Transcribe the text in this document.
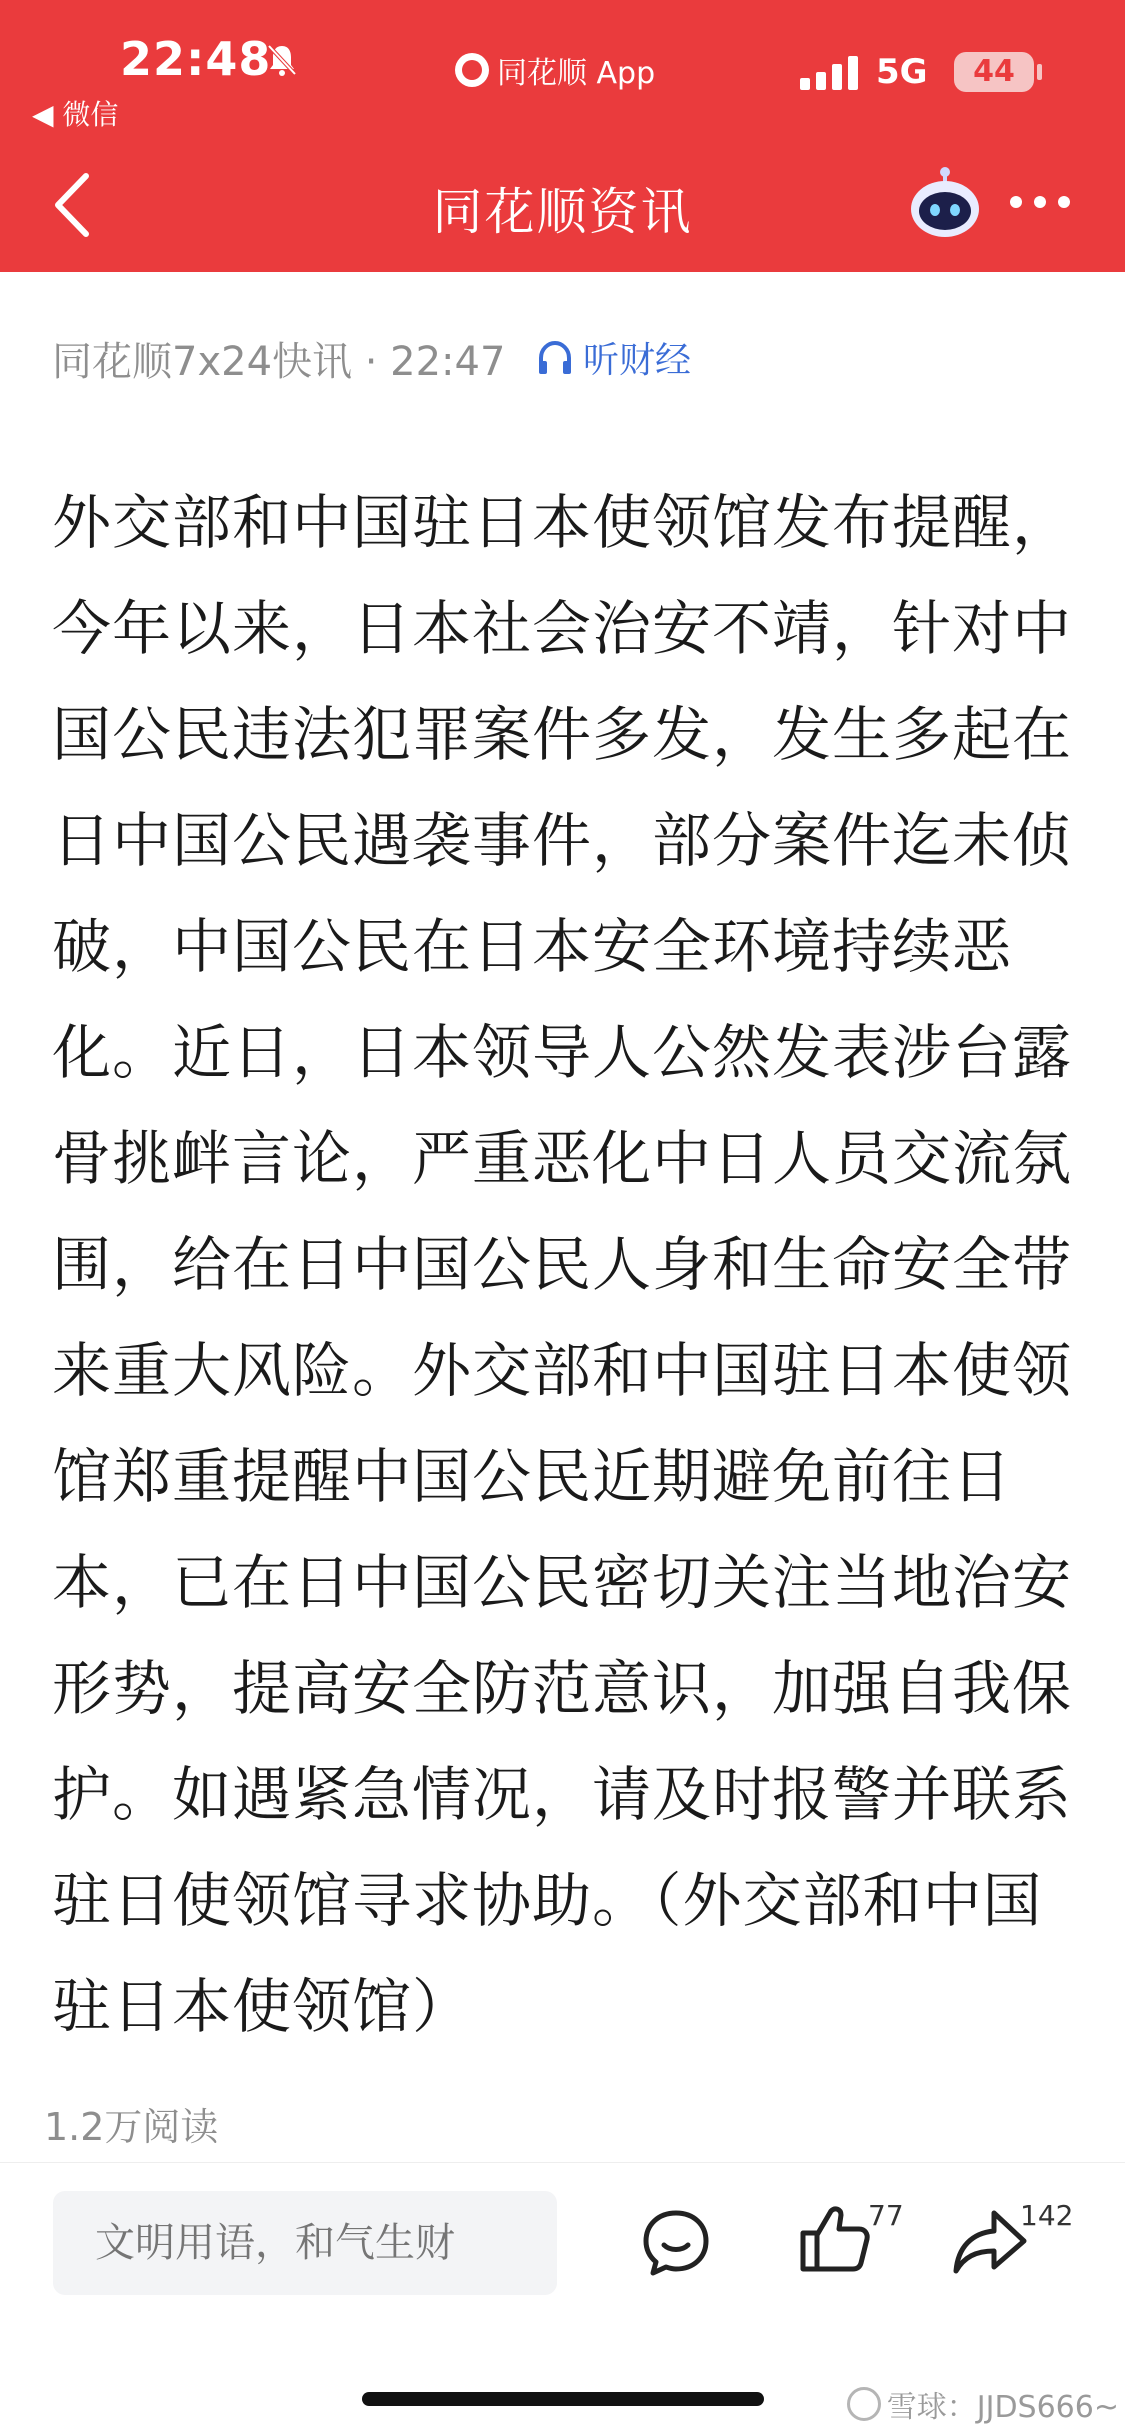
22:48
◀ 微信
同花顺 App	5G	44
同花顺资讯
同花顺7x24快讯 · 22:47 听财经
外交部和中国驻日本使领馆发布提醒，今年以来，日本社会治安不靖，针对中国公民违法犯罪案件多发，发生多起在日中国公民遇袭事件，部分案件迄未侦破，中国公民在日本安全环境持续恶化。近日，日本领导人公然发表涉台露骨挑衅言论，严重恶化中日人员交流氛围，给在日中国公民人身和生命安全带来重大风险。外交部和中国驻日本使领馆郑重提醒中国公民近期避免前往日本，已在日中国公民密切关注当地治安形势，提高安全防范意识，加强自我保护。如遇紧急情况，请及时报警并联系驻日使领馆寻求协助。（外交部和中国驻日本使领馆）
1.2万阅读
文明用语，和气生财
77	142
雪球：JJDS666~
